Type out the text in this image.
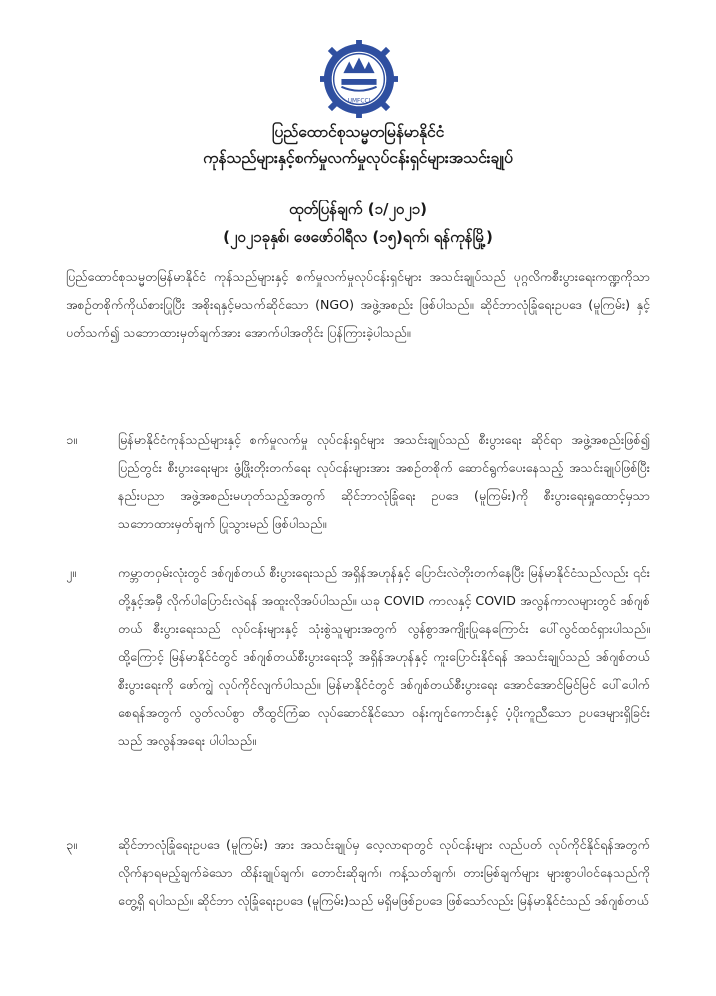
UMFCCI
ပြည်ထောင်စုသမ္မတမြန်မာနိုင်ငံ
ကုန်သည်များနှင့်စက်မှုလက်မှုလုပ်ငန်းရှင်များအသင်းချုပ်
ထုတ်ပြန်ချက် (၁/၂၀၂၁)
(၂၀၂၁ခုနှစ်၊ ဖေဖော်ဝါရီလ (၁၅)ရက်၊ ရန်ကုန်မြို့)
ပြည်ထောင်စုသမ္မတမြန်မာနိုင်ငံ ကုန်သည်များနှင့် စက်မှုလက်မှုလုပ်ငန်းရှင်များ အသင်းချုပ်သည် ပုဂ္ဂလိကစီးပွားရေးကဏ္ဍကိုသာ အစဉ်တစိုက်ကိုယ်စားပြုပြီး အစိုးရနှင့်မသက်ဆိုင်သော (NGO) အဖွဲ့အစည်း ဖြစ်ပါသည်။ ဆိုင်ဘာလုံခြုံရေးဥပဒေ (မူကြမ်း) နှင့်ပတ်သက်၍ သဘောထားမှတ်ချက်အား အောက်ပါအတိုင်း ပြန်ကြားခဲ့ပါသည်။
၁။	မြန်မာနိုင်ငံကုန်သည်များနှင့် စက်မှုလက်မှု လုပ်ငန်းရှင်များ အသင်းချုပ်သည် စီးပွားရေး ဆိုင်ရာ အဖွဲ့အစည်းဖြစ်၍ ပြည်တွင်း စီးပွားရေးများ ဖွံ့ဖြိုးတိုးတက်ရေး လုပ်ငန်းများအား အစဉ်တစိုက် ဆောင်ရွက်ပေးနေသည့် အသင်းချုပ်ဖြစ်ပြီး နည်းပညာ အဖွဲ့အစည်းမဟုတ်သည့်အတွက် ဆိုင်ဘာလုံခြုံရေး ဥပဒေ (မူကြမ်း)ကို စီးပွားရေးရှုထောင့်မှသာ သဘောထားမှတ်ချက် ပြုသွားမည် ဖြစ်ပါသည်။
၂။	ကမ္ဘာတဝှမ်းလုံးတွင် ဒစ်ဂျစ်တယ် စီးပွားရေးသည် အရှိန်အဟုန်နှင့် ပြောင်းလဲတိုးတက်နေပြီး မြန်မာနိုင်ငံသည်လည်း ၎င်းတို့နှင့်အမှီ လိုက်ပါပြောင်းလဲရန် အထူးလိုအပ်ပါသည်။ ယခု COVID ကာလနှင့် COVID အလွန်ကာလများတွင် ဒစ်ဂျစ်တယ် စီးပွားရေးသည် လုပ်ငန်းများနှင့် သုံးစွဲသူများအတွက် လွန်စွာအကျိုးပြုနေကြောင်း ပေါ်လွင်ထင်ရှားပါသည်။ ထို့ကြောင့် မြန်မာနိုင်ငံတွင် ဒစ်ဂျစ်တယ်စီးပွားရေးသို့ အရှိန်အဟုန်နှင့် ကူးပြောင်းနိုင်ရန် အသင်းချုပ်သည် ဒစ်ဂျစ်တယ်စီးပွားရေးကို ဖော်ကျွဲ လုပ်ကိုင်လျက်ပါသည်။ မြန်မာနိုင်ငံတွင် ဒစ်ဂျစ်တယ်စီးပွားရေး အောင်အောင်မြင်မြင် ပေါ်ပေါက်စေရန်အတွက် လွတ်လပ်စွာ တီထွင်ကြံဆ လုပ်ဆောင်နိုင်သော ဝန်းကျင်ကောင်းနှင့် ပံ့ပိုးကူညီသော ဥပဒေများရှိခြင်းသည် အလွန်အရေး ပါပါသည်။
၃။	ဆိုင်ဘာလုံခြုံရေးဥပဒေ (မူကြမ်း) အား အသင်းချုပ်မှ လေ့လာရာတွင် လုပ်ငန်းများ လည်ပတ် လုပ်ကိုင်နိုင်ရန်အတွက် လိုက်နာရမည့်ချက်ခဲသော ထိန်းချုပ်ချက်၊ တောင်းဆိုချက်၊ ကန့်သတ်ချက်၊ တားမြစ်ချက်များ များစွာပါဝင်နေသည်ကို တွေ့ရှိ ရပါသည်။ ဆိုင်ဘာ လုံခြုံရေးဥပဒေ (မူကြမ်း)သည် မရှိမဖြစ်ဥပဒေ ဖြစ်သော်လည်း မြန်မာနိုင်ငံသည် ဒစ်ဂျစ်တယ်
